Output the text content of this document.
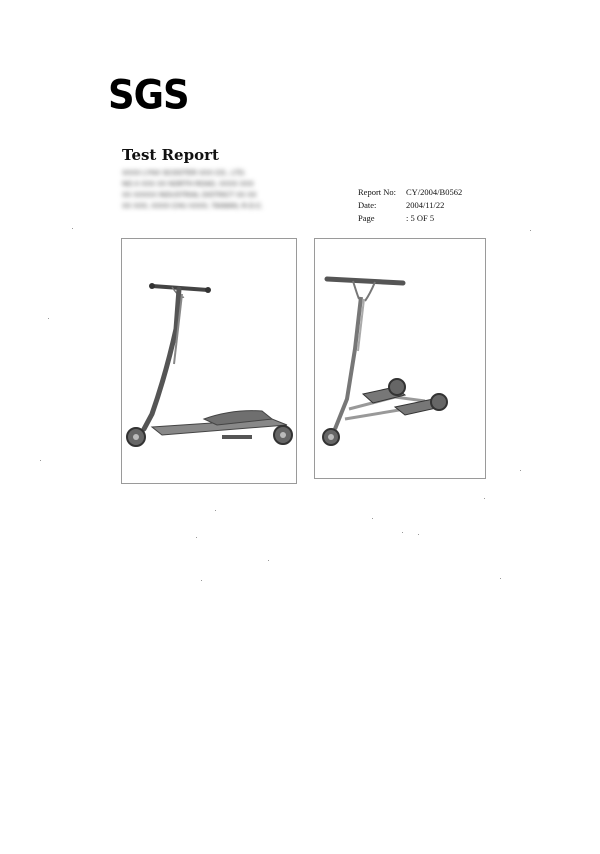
SGS
Test Report
XXXX LYNX SCOOTER XXX CO., LTD.
NO.X XXX XX NORTH ROAD, XXXX XXX
XX XXXXX INDUSTRIAL DISTRICT XX XX
XX XXX, XXXX CHU XXXX, TAIWAN, R.O.C.
Report No:	CY/2004/B0562
Date:	2004/11/22
Page	: 5 OF 5
